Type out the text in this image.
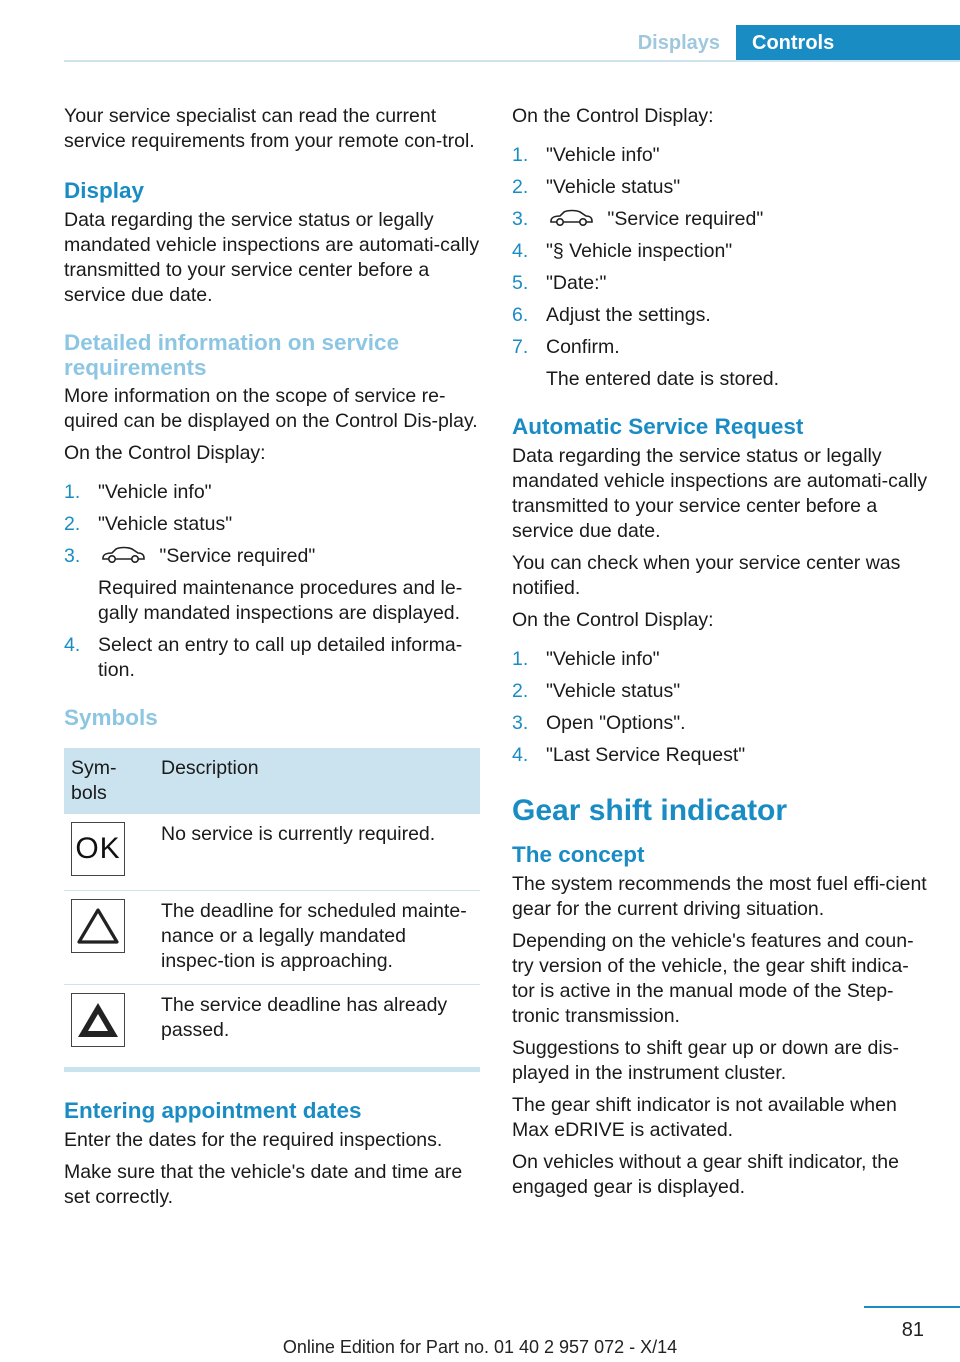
Displays	Controls

Your service specialist can read the current service requirements from your remote con-trol.

Display

Data regarding the service status or legally mandated vehicle inspections are automati-cally transmitted to your service center before a service due date.

Detailed information on service requirements

More information on the scope of service re-quired can be displayed on the Control Dis-play.

On the Control Display:

1. "Vehicle info"
2. "Vehicle status"
3.	"Service required"
Required maintenance procedures and le-gally mandated inspections are displayed.
4. Select an entry to call up detailed informa-tion.
Symbols
Sym-bols	Description

OK	No service is currently required.

	The deadline for scheduled mainte-nance or a legally mandated inspec-tion is approaching.

	The service deadline has already passed.
Entering appointment dates

Enter the dates for the required inspections.

Make sure that the vehicle's date and time are set correctly.

On the Control Display:

1. "Vehicle info"
2. "Vehicle status"
3.	"Service required"
4. "§ Vehicle inspection"
5. "Date:"
6. Adjust the settings.
7. Confirm.
The entered date is stored.
Automatic Service Request

Data regarding the service status or legally mandated vehicle inspections are automati-cally transmitted to your service center before a service due date.

You can check when your service center was notified.

On the Control Display:

1. "Vehicle info"
2. "Vehicle status"
3. Open "Options".
4. "Last Service Request"
Gear shift indicator
The concept

The system recommends the most fuel effi-cient gear for the current driving situation.

Depending on the vehicle's features and coun-try version of the vehicle, the gear shift indica-tor is active in the manual mode of the Step-tronic transmission.

Suggestions to shift gear up or down are dis-played in the instrument cluster.

The gear shift indicator is not available when Max eDRIVE is activated.

On vehicles without a gear shift indicator, the engaged gear is displayed.

81
Online Edition for Part no. 01 40 2 957 072 - X/14
